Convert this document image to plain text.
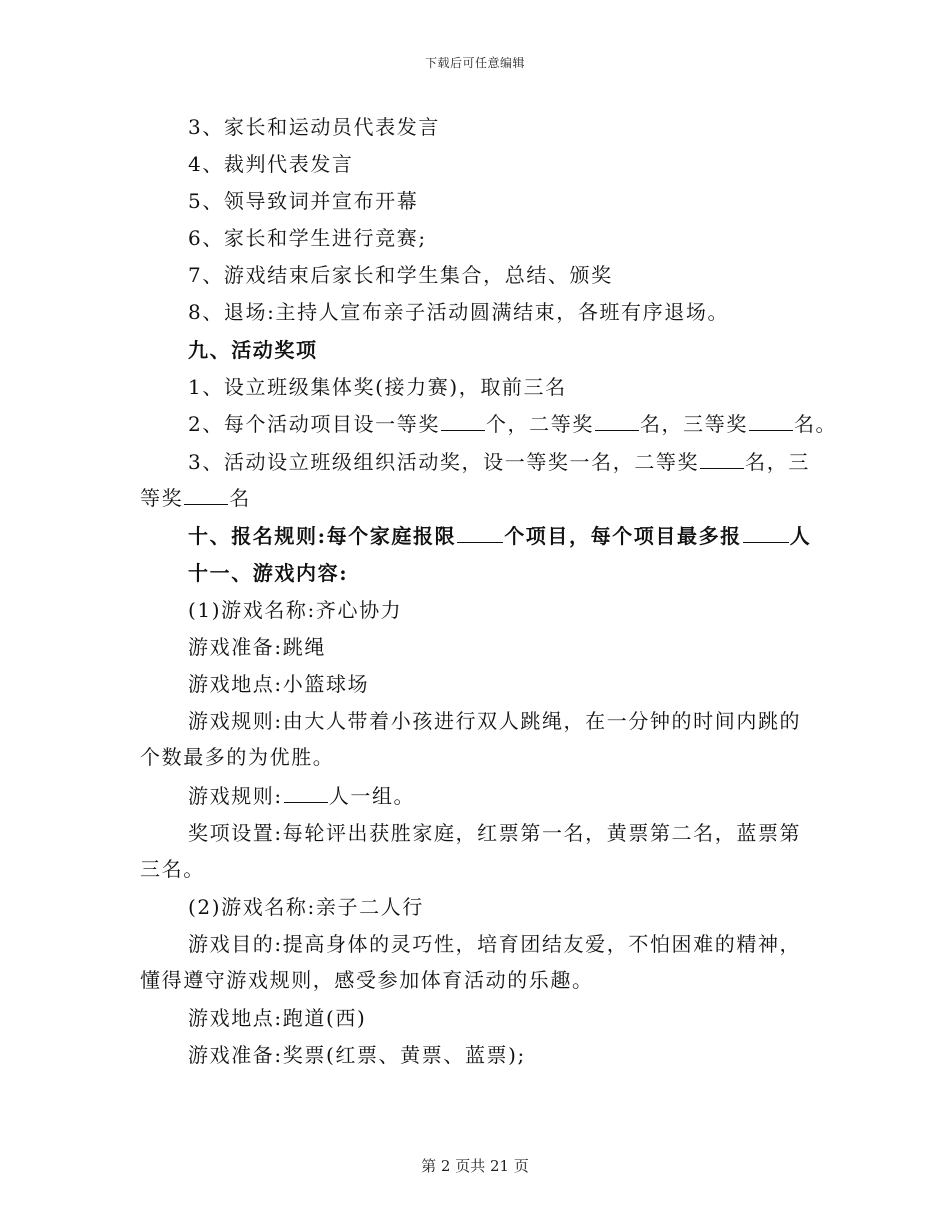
下载后可任意编辑
3、家长和运动员代表发言
4、裁判代表发言
5、领导致词并宣布开幕
6、家长和学生进行竞赛;
7、游戏结束后家长和学生集合，总结、颁奖
8、退场:主持人宣布亲子活动圆满结束，各班有序退场。
九、活动奖项
1、设立班级集体奖(接力赛)，取前三名
2、每个活动项目设一等奖 个，二等奖 名，三等奖 名。
3、活动设立班级组织活动奖，设一等奖一名，二等奖 名，三
等奖 名
十、报名规则:每个家庭报限 个项目，每个项目最多报 人
十一、游戏内容:
(1)游戏名称:齐心协力
游戏准备:跳绳
游戏地点:小篮球场
游戏规则:由大人带着小孩进行双人跳绳，在一分钟的时间内跳的
个数最多的为优胜。
游戏规则: 人一组。
奖项设置:每轮评出获胜家庭，红票第一名，黄票第二名，蓝票第
三名。
(2)游戏名称:亲子二人行
游戏目的:提高身体的灵巧性，培育团结友爱，不怕困难的精神，
懂得遵守游戏规则，感受参加体育活动的乐趣。
游戏地点:跑道(西)
游戏准备:奖票(红票、黄票、蓝票);
第 2 页共 21 页
